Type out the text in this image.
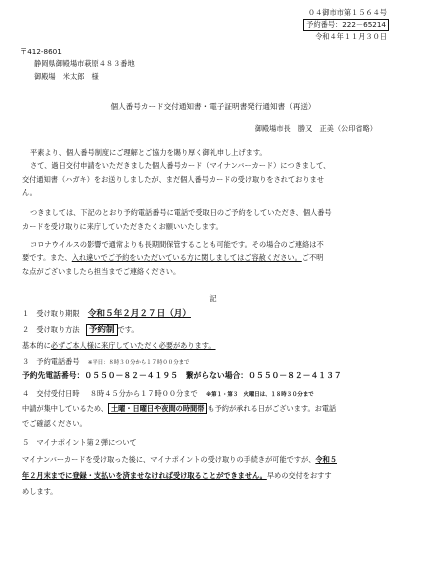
０４御市市第１５６４号
予約番号：222－65214
令和４年１１月３０日
〒412-8601
静岡県御殿場市萩原４８３番地
御殿場　米太郎　様
個人番号カード交付通知書・電子証明書発行通知書（再送）
御殿場市長　勝又　正美（公印省略）
平素より、個人番号制度にご理解とご協力を賜り厚く御礼申し上げます。
さて、過日交付申請をいただきました個人番号カード（マイナンバーカード）につきまして、
交付通知書（ハガキ）をお送りしましたが、まだ個人番号カードの受け取りをされておりませ
ん。
つきましては、下記のとおり予約電話番号に電話で受取日のご予約をしていただき、個人番号
カードを受け取りに来庁していただきたくお願いいたします。
コロナウイルスの影響で通常よりも長期間保管することも可能です。その場合のご連絡は不
要です。また、入れ違いでご予約をいただいている方に関しましてはご容赦ください。ご不明
な点がございましたら担当までご連絡ください。
記
１　受け取り期限 令和５年２月２７日（月）
２　受け取り方法 予約制 です。
基本的に必ずご本人様に来庁していただく必要があります。
３　予約電話番号 ※平日：８時３０分から１７時００分まで
予約先電話番号：０５５０－８２－４１９５　繋がらない場合：０５５０－８２－４１３７
４　交付受付日時 ８時４５分から１７時００分まで ※第１・第３　火曜日は、１８時３０分まで
中請が集中しているため、 土曜・日曜日や夜間の時間帯 も予約が承れる日がございます。お電話
でご確認ください。
５　マイナポイント第２弾について
マイナンバーカードを受け取った後に、マイナポイントの受け取りの手続きが可能ですが、令和５
年２月末までに登録・支払いを済ませなければ受け取ることができません。早めの交付をおすす
めします。
